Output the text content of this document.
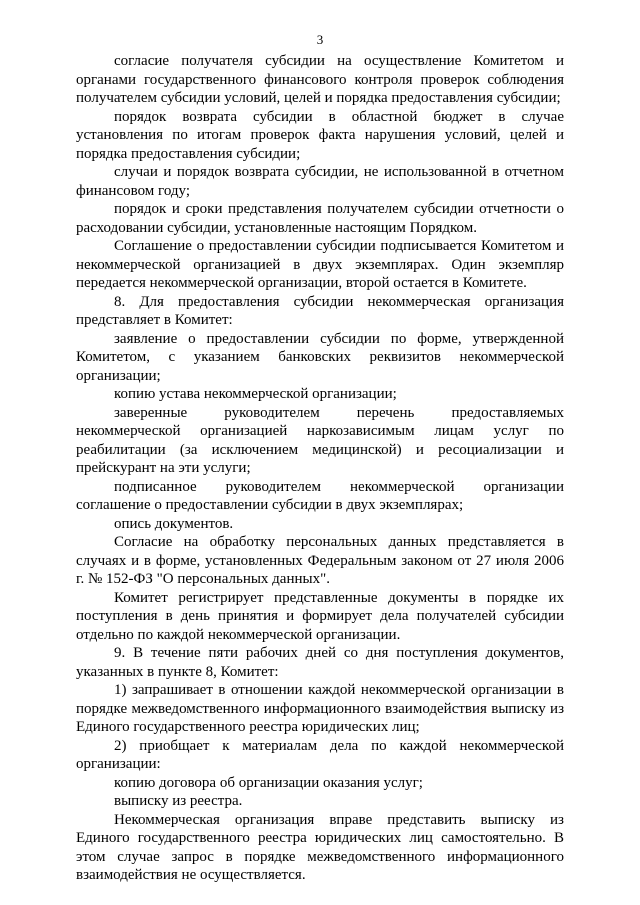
3

согласие получателя субсидии на осуществление Комитетом и органами государственного финансового контроля проверок соблюдения получателем субсидии условий, целей и порядка предоставления субсидии;

порядок возврата субсидии в областной бюджет в случае установления по итогам проверок факта нарушения условий, целей и порядка предоставления субсидии;

случаи и порядок возврата субсидии, не использованной в отчетном финансовом году;

порядок и сроки представления получателем субсидии отчетности о расходовании субсидии, установленные настоящим Порядком.

Соглашение о предоставлении субсидии подписывается Комитетом и некоммерческой организацией в двух экземплярах. Один экземпляр передается некоммерческой организации, второй остается в Комитете.

8. Для предоставления субсидии некоммерческая организация представляет в Комитет:

заявление о предоставлении субсидии по форме, утвержденной Комитетом, с указанием банковских реквизитов некоммерческой организации;

копию устава некоммерческой организации;

заверенные руководителем перечень предоставляемых некоммерческой организацией наркозависимым лицам услуг по реабилитации (за исключением медицинской) и ресоциализации и прейскурант на эти услуги;

подписанное руководителем некоммерческой организации соглашение о предоставлении субсидии в двух экземплярах;

опись документов.

Согласие на обработку персональных данных представляется в случаях и в форме, установленных Федеральным законом от 27 июля 2006 г. № 152-ФЗ "О персональных данных".

Комитет регистрирует представленные документы в порядке их поступления в день принятия и формирует дела получателей субсидии отдельно по каждой некоммерческой организации.

9. В течение пяти рабочих дней со дня поступления документов, указанных в пункте 8, Комитет:

1) запрашивает в отношении каждой некоммерческой организации в порядке межведомственного информационного взаимодействия выписку из Единого государственного реестра юридических лиц;

2) приобщает к материалам дела по каждой некоммерческой организации:

копию договора об организации оказания услуг;

выписку из реестра.

Некоммерческая организация вправе представить выписку из Единого государственного реестра юридических лиц самостоятельно. В этом случае запрос в порядке межведомственного информационного взаимодействия не осуществляется.
